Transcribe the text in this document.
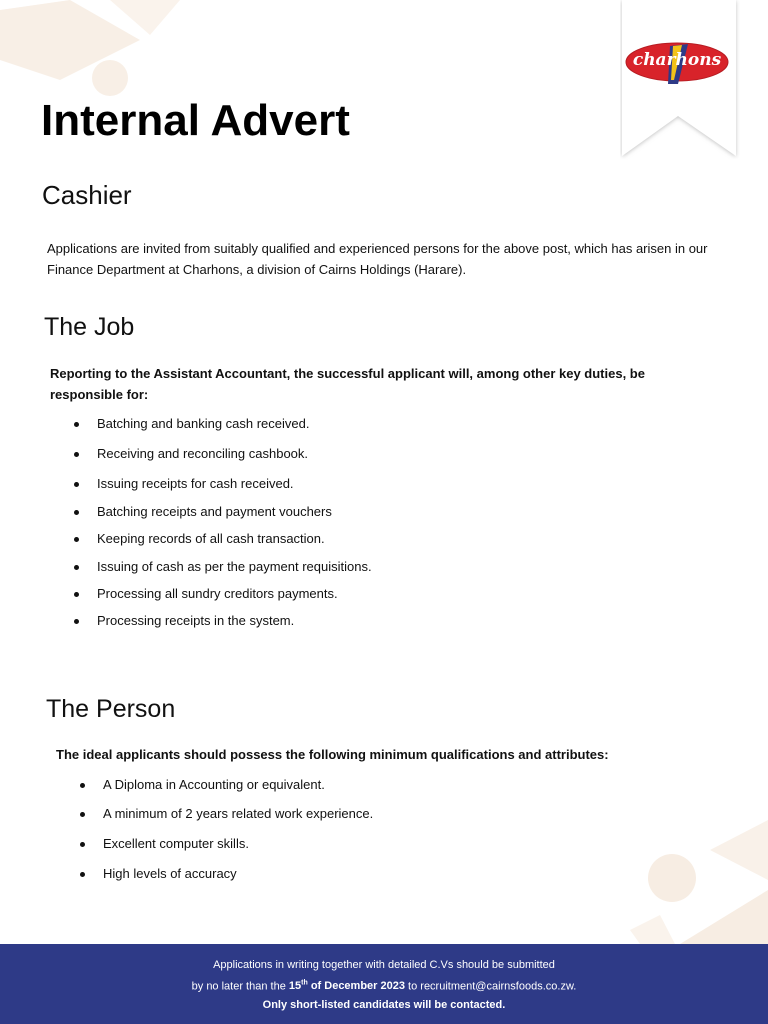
charhons
Internal Advert
Cashier

Applications are invited from suitably qualified and experienced persons for the above post, which has arisen in our Finance Department at Charhons, a division of Cairns Holdings (Harare).

The Job

Reporting to the Assistant Accountant, the successful applicant will, among other key duties, be responsible for:

Batching and banking cash received.
Receiving and reconciling cashbook.
Issuing receipts for cash received.
Batching receipts and payment vouchers
Keeping records of all cash transaction.
Issuing of cash as per the payment requisitions.
Processing all sundry creditors payments.
Processing receipts in the system.
The Person

The ideal applicants should possess the following minimum qualifications and attributes:

A Diploma in Accounting or equivalent.
A minimum of 2 years related work experience.
Excellent computer skills.
High levels of accuracy
Applications in writing together with detailed C.Vs should be submitted
by no later than the 15th of December 2023 to recruitment@cairnsfoods.co.zw.
Only short-listed candidates will be contacted.
